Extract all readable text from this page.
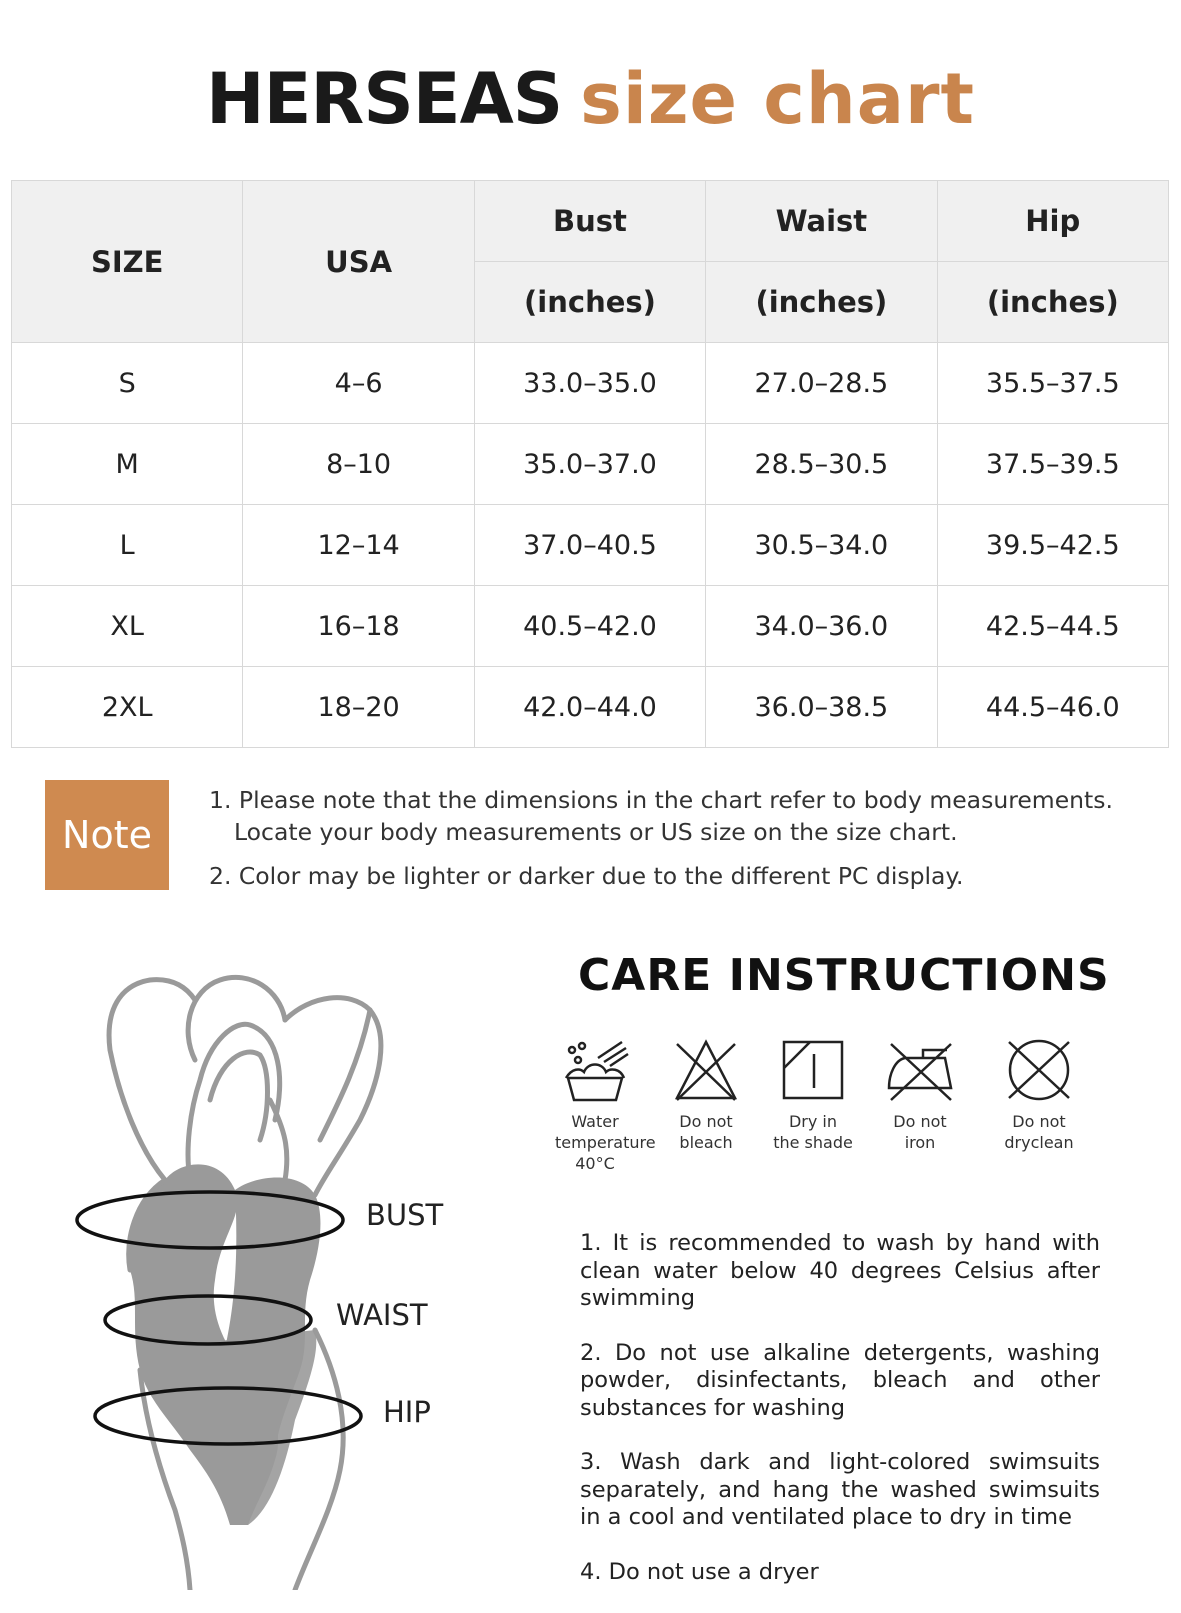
HERSEAS size chart
SIZE	USA	Bust	Waist	Hip
		(inches)	(inches)	(inches)
S	4–6	33.0–35.0	27.0–28.5	35.5–37.5
M	8–10	35.0–37.0	28.5–30.5	37.5–39.5
L	12–14	37.0–40.5	30.5–34.0	39.5–42.5
XL	16–18	40.5–42.0	34.0–36.0	42.5–44.5
2XL	18–20	42.0–44.0	36.0–38.5	44.5–46.0
Note
1. Please note that the dimensions in the chart refer to body measurements.
Locate your body measurements or US size on the size chart.
2. Color may be lighter or darker due to the different PC display.
BUST
WAIST
HIP
CARE INSTRUCTIONS
Water
temperature
40°C
Do not
bleach
Dry in
the shade
Do not
iron
Do not
dryclean

1. It is recommended to wash by hand with clean water below 40 degrees Celsius after swimming

2. Do not use alkaline detergents, washing powder, disinfectants, bleach and other substances for washing

3. Wash dark and light-colored swimsuits separately, and hang the washed swimsuits in a cool and ventilated place to dry in time

4. Do not use a dryer
